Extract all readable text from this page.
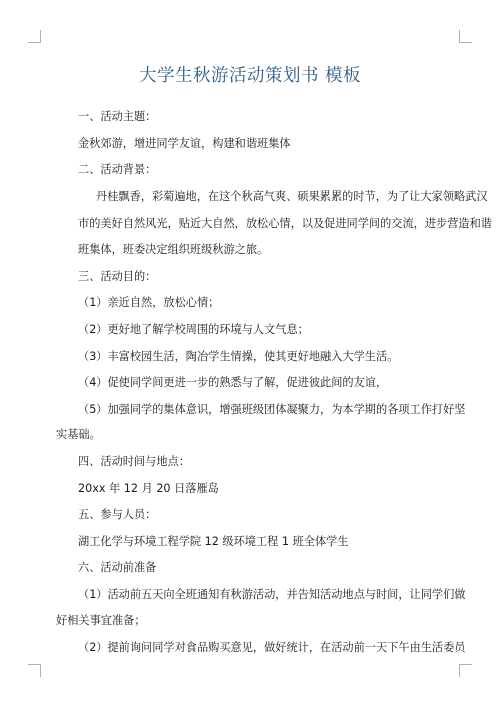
大学生秋游活动策划书 模板
一、活动主题：
金秋郊游，增进同学友谊，构建和谐班集体
二、活动背景：
丹桂飘香，彩菊遍地，在这个秋高气爽、硕果累累的时节，为了让大家领略武汉
市的美好自然风光，贴近大自然，放松心情，以及促进同学间的交流，进步营造和谐
班集体，班委决定组织班级秋游之旅。
三、活动目的：
（1）亲近自然，放松心情；
（2）更好地了解学校周围的环境与人文气息；
（3）丰富校园生活，陶冶学生情操，使其更好地融入大学生活。
（4）促使同学间更进一步的熟悉与了解，促进彼此间的友谊，
（5）加强同学的集体意识，增强班级团体凝聚力，为本学期的各项工作打好坚
实基础。
四、活动时间与地点：
20xx 年 12 月 20 日落雁岛
五、参与人员：
湖工化学与环境工程学院 12 级环境工程 1 班全体学生
六、活动前准备
（1）活动前五天向全班通知有秋游活动，并告知活动地点与时间，让同学们做
好相关事宜准备；
（2）提前询问同学对食品购买意见，做好统计，在活动前一天下午由生活委员
